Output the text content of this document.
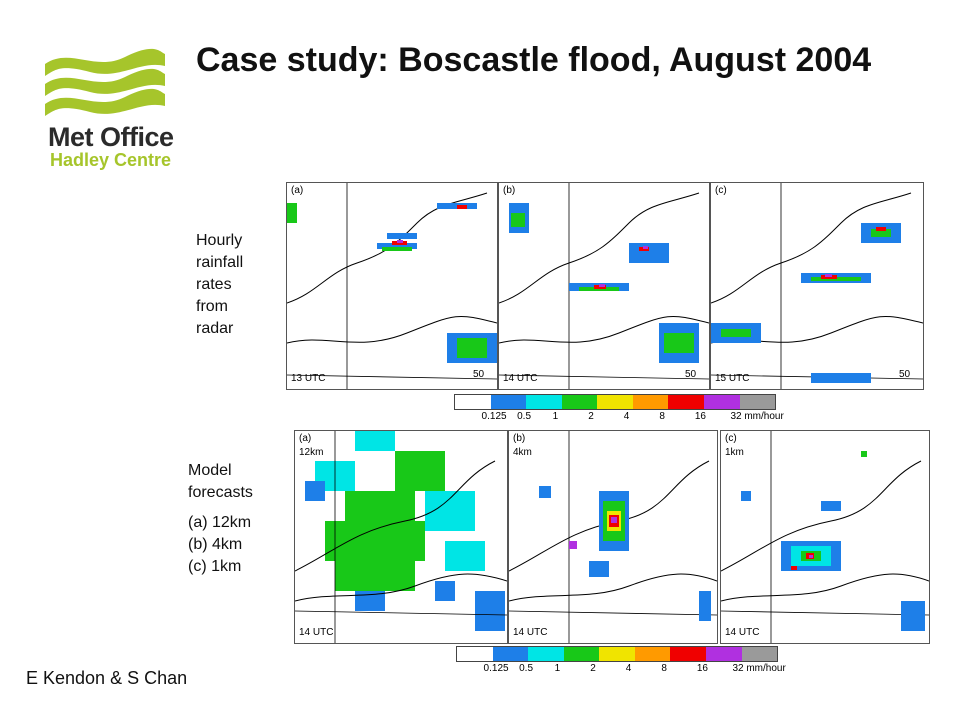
Met Office
Hadley Centre
Case study: Boscastle flood, August 2004
Hourly
rainfall
rates
from
radar
Model
forecasts
(a) 12km
(b) 4km
(c) 1km
(a)
13 UTC	50
(b)
14 UTC	50
(c)
15 UTC	50
0.125 0.5 1	2	4	8	16 32 mm/hour
(a)
12km
14 UTC
(b)
4km
14 UTC
(c)
1km
14 UTC
0.125 0.5 1	2	4	8	16 32 mm/hour
E Kendon & S Chan
